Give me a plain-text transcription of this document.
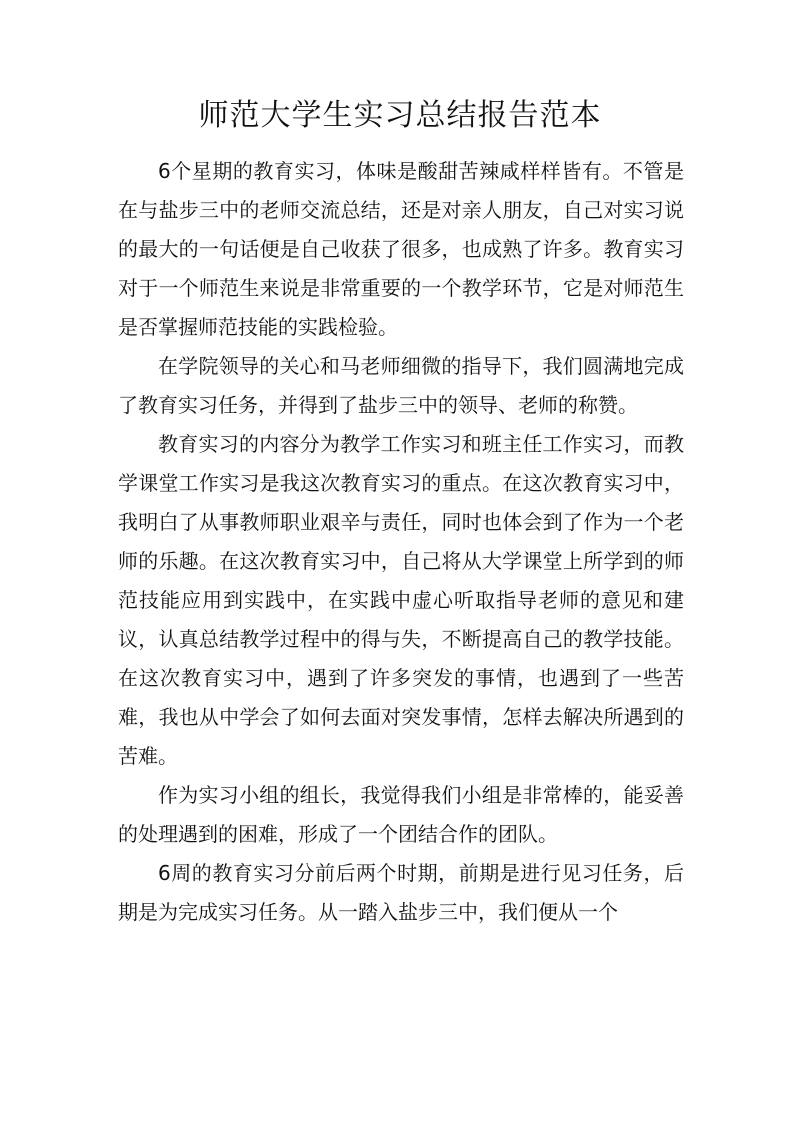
师范大学生实习总结报告范本

6个星期的教育实习，体味是酸甜苦辣咸样样皆有。不管是在与盐步三中的老师交流总结，还是对亲人朋友，自己对实习说的最大的一句话便是自己收获了很多，也成熟了许多。教育实习对于一个师范生来说是非常重要的一个教学环节，它是对师范生是否掌握师范技能的实践检验。

在学院领导的关心和马老师细微的指导下，我们圆满地完成了教育实习任务，并得到了盐步三中的领导、老师的称赞。

教育实习的内容分为教学工作实习和班主任工作实习，而教学课堂工作实习是我这次教育实习的重点。在这次教育实习中，我明白了从事教师职业艰辛与责任，同时也体会到了作为一个老师的乐趣。在这次教育实习中，自己将从大学课堂上所学到的师范技能应用到实践中，在实践中虚心听取指导老师的意见和建议，认真总结教学过程中的得与失，不断提高自己的教学技能。在这次教育实习中，遇到了许多突发的事情，也遇到了一些苦难，我也从中学会了如何去面对突发事情，怎样去解决所遇到的苦难。

作为实习小组的组长，我觉得我们小组是非常棒的，能妥善的处理遇到的困难，形成了一个团结合作的团队。

6周的教育实习分前后两个时期，前期是进行见习任务，后期是为完成实习任务。从一踏入盐步三中，我们便从一个
